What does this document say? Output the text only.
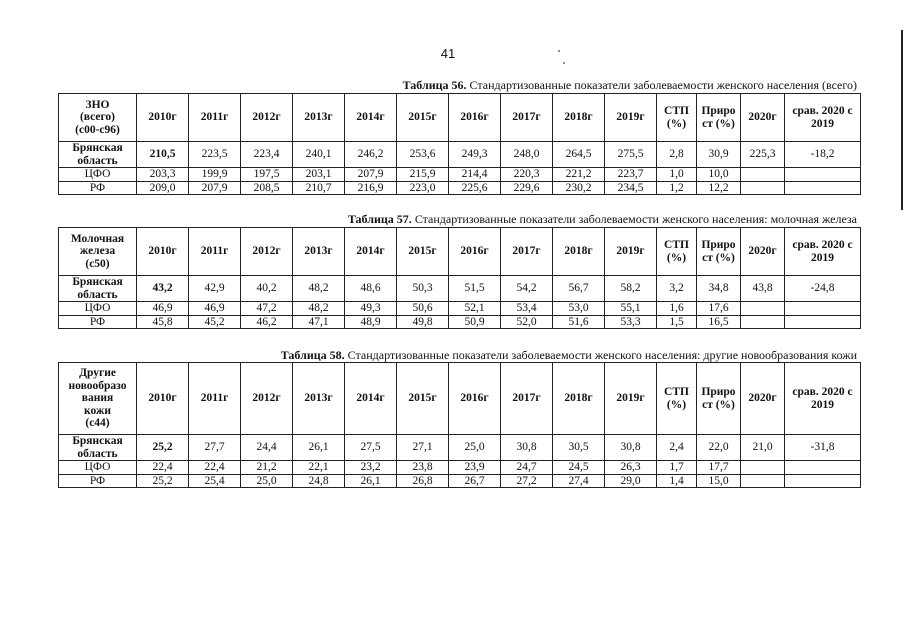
41
Таблица 56. Стандартизованные показатели заболеваемости женского населения (всего)
ЗНО
(всего)
(c00-c96)	2010г	2011г	2012г	2013г	2014г	2015г	2016г	2017г	2018г	2019г	СТП (%)	Приро ст (%)	2020г	срав. 2020 с 2019
Брянская область	210,5	223,5	223,4	240,1	246,2	253,6	249,3	248,0	264,5	275,5	2,8	30,9	225,3	-18,2
ЦФО	203,3	199,9	197,5	203,1	207,9	215,9	214,4	220,3	221,2	223,7	1,0	10,0		
РФ	209,0	207,9	208,5	210,7	216,9	223,0	225,6	229,6	230,2	234,5	1,2	12,2		
Таблица 57. Стандартизованные показатели заболеваемости женского населения: молочная железа
Молочная
железа
(c50)	2010г	2011г	2012г	2013г	2014г	2015г	2016г	2017г	2018г	2019г	СТП (%)	Приро ст (%)	2020г	срав. 2020 с 2019
Брянская область	43,2	42,9	40,2	48,2	48,6	50,3	51,5	54,2	56,7	58,2	3,2	34,8	43,8	-24,8
ЦФО	46,9	46,9	47,2	48,2	49,3	50,6	52,1	53,4	53,0	55,1	1,6	17,6		
РФ	45,8	45,2	46,2	47,1	48,9	49,8	50,9	52,0	51,6	53,3	1,5	16,5		
Таблица 58. Стандартизованные показатели заболеваемости женского населения: другие новообразования кожи
Другие
новообразо
вания
кожи
(c44)	2010г	2011г	2012г	2013г	2014г	2015г	2016г	2017г	2018г	2019г	СТП (%)	Приро ст (%)	2020г	срав. 2020 с 2019
Брянская область	25,2	27,7	24,4	26,1	27,5	27,1	25,0	30,8	30,5	30,8	2,4	22,0	21,0	-31,8
ЦФО	22,4	22,4	21,2	22,1	23,2	23,8	23,9	24,7	24,5	26,3	1,7	17,7		
РФ	25,2	25,4	25,0	24,8	26,1	26,8	26,7	27,2	27,4	29,0	1,4	15,0		
